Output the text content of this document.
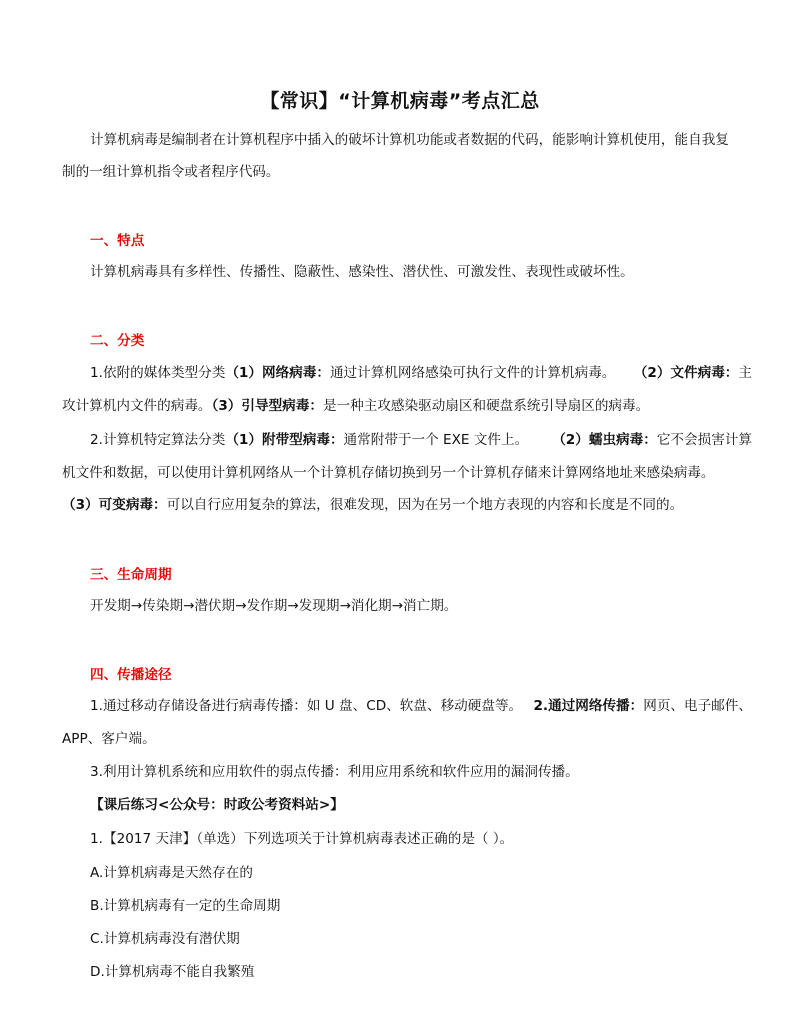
【常识】“计算机病毒”考点汇总
计算机病毒是编制者在计算机程序中插入的破坏计算机功能或者数据的代码，能影响计算机使用，能自我复
制的一组计算机指令或者程序代码。
一、特点
计算机病毒具有多样性、传播性、隐蔽性、感染性、潜伏性、可激发性、表现性或破坏性。
二、分类
1.依附的媒体类型分类（1）网络病毒：通过计算机网络感染可执行文件的计算机病毒。 （2）文件病毒：主
攻计算机内文件的病毒。（3）引导型病毒：是一种主攻感染驱动扇区和硬盘系统引导扇区的病毒。
2.计算机特定算法分类（1）附带型病毒：通常附带于一个 EXE 文件上。 （2）蠕虫病毒：它不会损害计算
机文件和数据，可以使用计算机网络从一个计算机存储切换到另一个计算机存储来计算网络地址来感染病毒。
（3）可变病毒：可以自行应用复杂的算法，很难发现，因为在另一个地方表现的内容和长度是不同的。
三、生命周期
开发期→传染期→潜伏期→发作期→发现期→消化期→消亡期。
四、传播途径
1.通过移动存储设备进行病毒传播：如 U 盘、CD、软盘、移动硬盘等。 2.通过网络传播：网页、电子邮件、
APP、客户端。
3.利用计算机系统和应用软件的弱点传播：利用应用系统和软件应用的漏洞传播。
【课后练习<公众号：时政公考资料站>】
1.【2017 天津】（单选）下列选项关于计算机病毒表述正确的是（ ）。
A.计算机病毒是天然存在的
B.计算机病毒有一定的生命周期
C.计算机病毒没有潜伏期
D.计算机病毒不能自我繁殖
